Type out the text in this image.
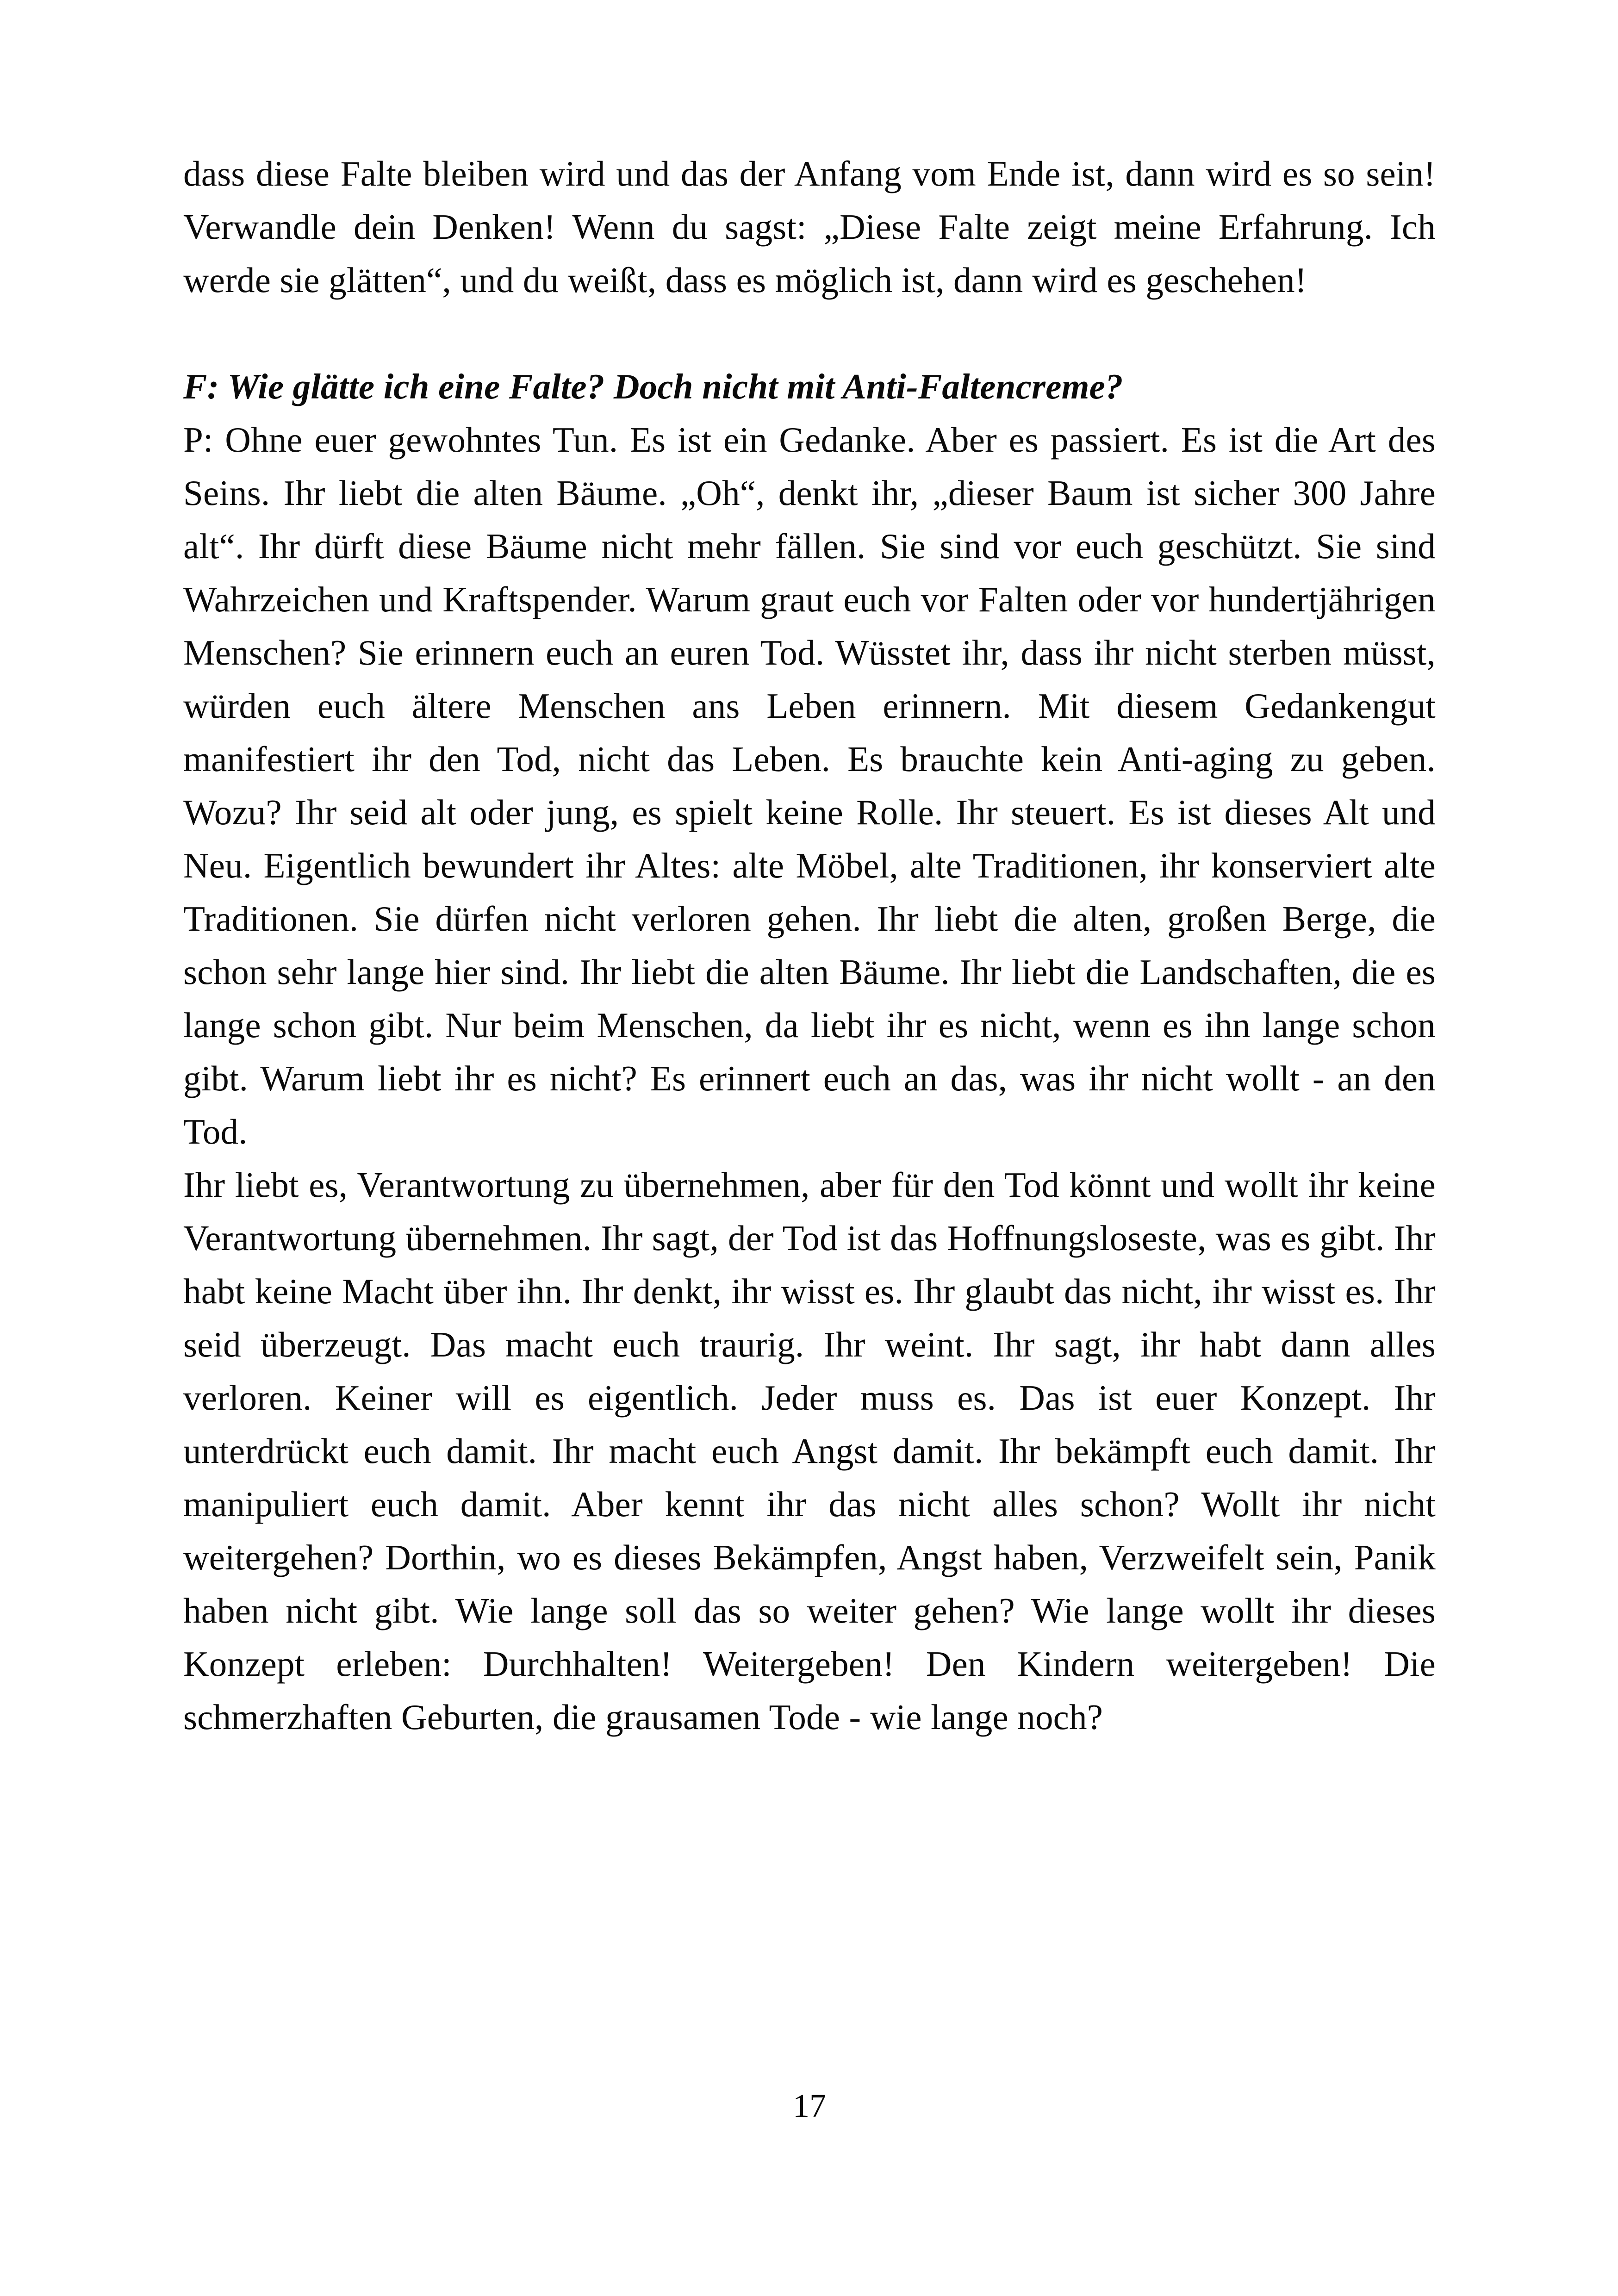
dass diese Falte bleiben wird und das der Anfang vom Ende ist, dann wird es so sein! Verwandle dein Denken! Wenn du sagst: „Diese Falte zeigt meine Erfahrung. Ich werde sie glätten“, und du weißt, dass es möglich ist, dann wird es geschehen!

F: Wie glätte ich eine Falte? Doch nicht mit Anti-Faltencreme?

P: Ohne euer gewohntes Tun. Es ist ein Gedanke. Aber es passiert. Es ist die Art des Seins. Ihr liebt die alten Bäume. „Oh“, denkt ihr, „dieser Baum ist sicher 300 Jahre alt“. Ihr dürft diese Bäume nicht mehr fällen. Sie sind vor euch geschützt. Sie sind Wahrzeichen und Kraftspender. Warum graut euch vor Falten oder vor hundertjährigen Menschen? Sie erinnern euch an euren Tod. Wüsstet ihr, dass ihr nicht sterben müsst, würden euch ältere Menschen ans Leben erinnern. Mit diesem Gedankengut manifestiert ihr den Tod, nicht das Leben. Es brauchte kein Anti-aging zu geben. Wozu? Ihr seid alt oder jung, es spielt keine Rolle. Ihr steuert. Es ist dieses Alt und Neu. Eigentlich bewundert ihr Altes: alte Möbel, alte Traditionen, ihr konserviert alte Traditionen. Sie dürfen nicht verloren gehen. Ihr liebt die alten, großen Berge, die schon sehr lange hier sind. Ihr liebt die alten Bäume. Ihr liebt die Landschaften, die es lange schon gibt. Nur beim Menschen, da liebt ihr es nicht, wenn es ihn lange schon gibt. Warum liebt ihr es nicht? Es erinnert euch an das, was ihr nicht wollt - an den Tod.

Ihr liebt es, Verantwortung zu übernehmen, aber für den Tod könnt und wollt ihr keine Verantwortung übernehmen. Ihr sagt, der Tod ist das Hoffnungsloseste, was es gibt. Ihr habt keine Macht über ihn. Ihr denkt, ihr wisst es. Ihr glaubt das nicht, ihr wisst es. Ihr seid überzeugt. Das macht euch traurig. Ihr weint. Ihr sagt, ihr habt dann alles verloren. Keiner will es eigentlich. Jeder muss es. Das ist euer Konzept. Ihr unterdrückt euch damit. Ihr macht euch Angst damit. Ihr bekämpft euch damit. Ihr manipuliert euch damit. Aber kennt ihr das nicht alles schon? Wollt ihr nicht weitergehen? Dorthin, wo es dieses Bekämpfen, Angst haben, Verzweifelt sein, Panik haben nicht gibt. Wie lange soll das so weiter gehen? Wie lange wollt ihr dieses Konzept erleben: Durchhalten! Weitergeben! Den Kindern weitergeben! Die schmerzhaften Geburten, die grausamen Tode - wie lange noch?

17
